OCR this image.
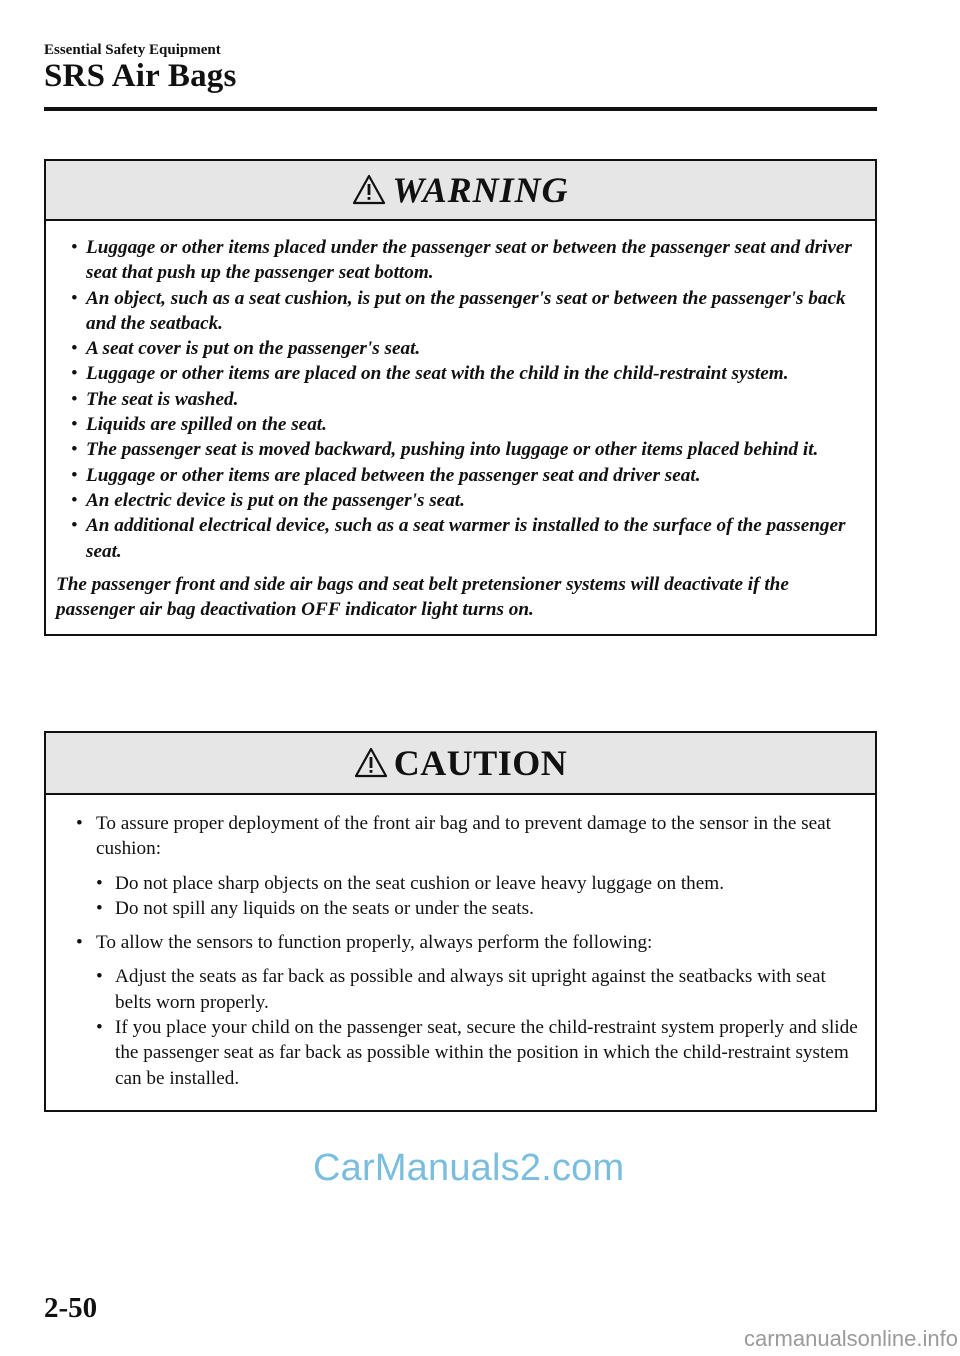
Essential Safety Equipment
SRS Air Bags
WARNING
• Luggage or other items placed under the passenger seat or between the passenger seat and driver seat that push up the passenger seat bottom.
• An object, such as a seat cushion, is put on the passenger's seat or between the passenger's back and the seatback.
• A seat cover is put on the passenger's seat.
• Luggage or other items are placed on the seat with the child in the child-restraint system.
• The seat is washed.
• Liquids are spilled on the seat.
• The passenger seat is moved backward, pushing into luggage or other items placed behind it.
• Luggage or other items are placed between the passenger seat and driver seat.
• An electric device is put on the passenger's seat.
• An additional electrical device, such as a seat warmer is installed to the surface of the passenger seat.
The passenger front and side air bags and seat belt pretensioner systems will deactivate if the passenger air bag deactivation OFF indicator light turns on.
CAUTION
• To assure proper deployment of the front air bag and to prevent damage to the sensor in the seat cushion:
• Do not place sharp objects on the seat cushion or leave heavy luggage on them.
• Do not spill any liquids on the seats or under the seats.
• To allow the sensors to function properly, always perform the following:
• Adjust the seats as far back as possible and always sit upright against the seatbacks with seat belts worn properly.
• If you place your child on the passenger seat, secure the child-restraint system properly and slide the passenger seat as far back as possible within the position in which the child-restraint system can be installed.
CarManuals2.com
2-50
carmanualsonline.info
